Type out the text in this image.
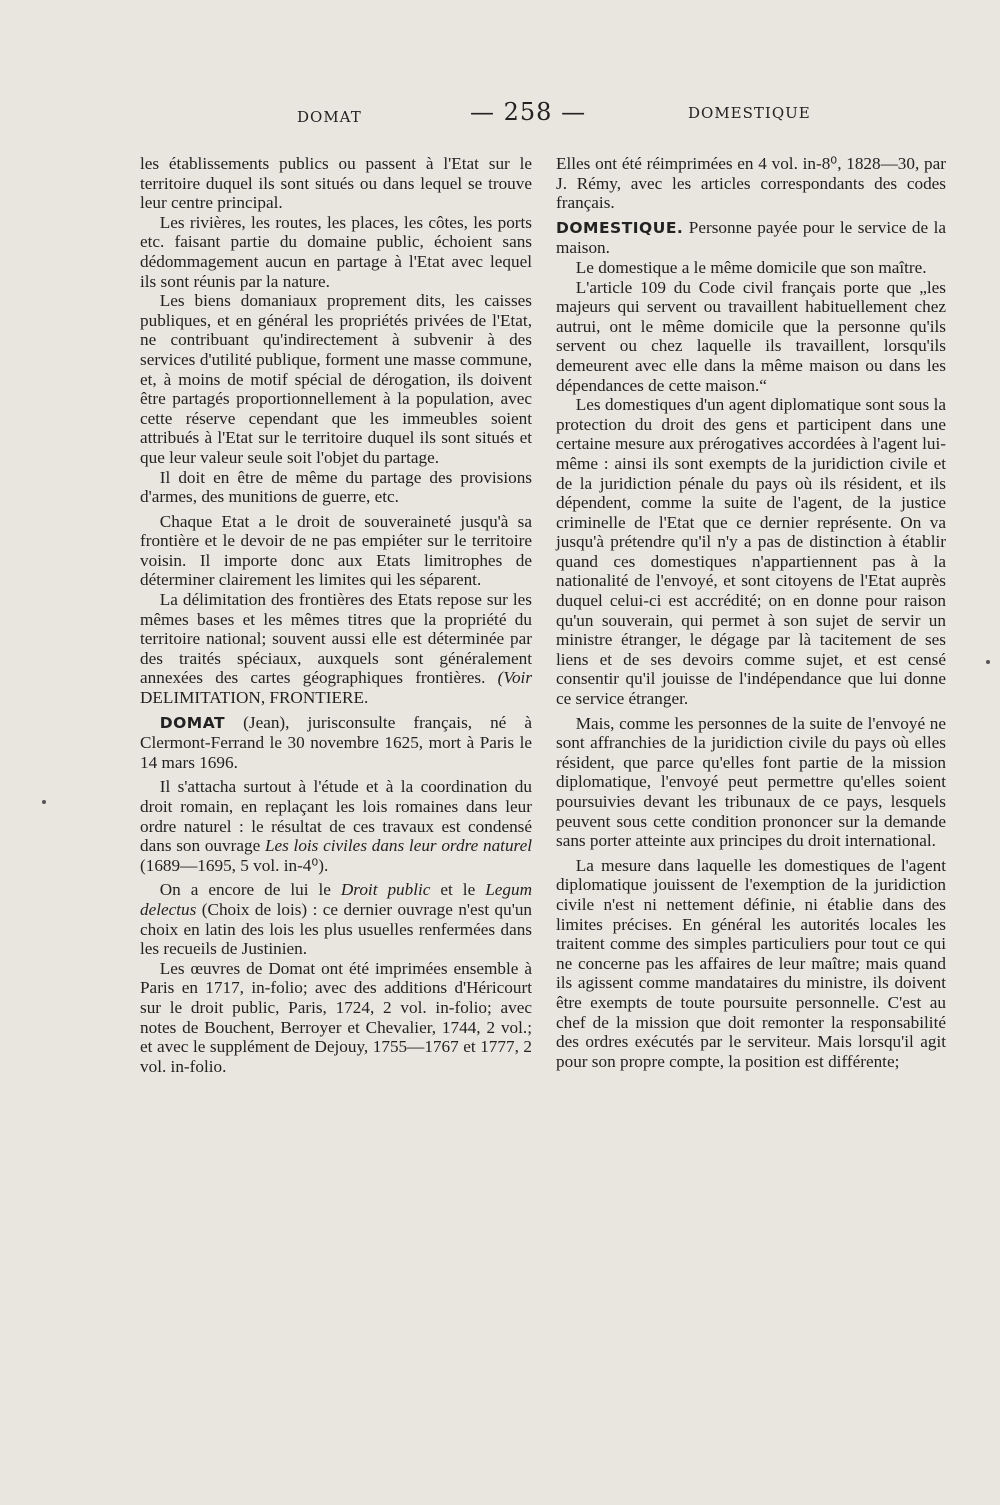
DOMAT	— 258 —	DOMESTIQUE

les établissements publics ou passent à l'Etat sur le territoire duquel ils sont situés ou dans lequel se trouve leur centre principal.

Les rivières, les routes, les places, les côtes, les ports etc. faisant partie du domaine public, échoient sans dédommagement aucun en partage à l'Etat avec lequel ils sont réunis par la nature.

Les biens domaniaux proprement dits, les caisses publiques, et en général les propriétés privées de l'Etat, ne contribuant qu'indirectement à subvenir à des services d'utilité publique, forment une masse commune, et, à moins de motif spécial de dérogation, ils doivent être partagés proportionnellement à la population, avec cette réserve cependant que les immeubles soient attribués à l'Etat sur le territoire duquel ils sont situés et que leur valeur seule soit l'objet du partage.

Il doit en être de même du partage des provisions d'armes, des munitions de guerre, etc.

Chaque Etat a le droit de souveraineté jusqu'à sa frontière et le devoir de ne pas empiéter sur le territoire voisin. Il importe donc aux Etats limitrophes de déterminer clairement les limites qui les séparent.

La délimitation des frontières des Etats repose sur les mêmes bases et les mêmes titres que la propriété du territoire national; souvent aussi elle est déterminée par des traités spéciaux, auxquels sont généralement annexées des cartes géographiques frontières. (Voir DELIMITATION, FRONTIERE.

DOMAT (Jean), jurisconsulte français, né à Clermont-Ferrand le 30 novembre 1625, mort à Paris le 14 mars 1696.

Il s'attacha surtout à l'étude et à la coordination du droit romain, en replaçant les lois romaines dans leur ordre naturel : le résultat de ces travaux est condensé dans son ouvrage Les lois civiles dans leur ordre naturel (1689—1695, 5 vol. in-4⁰).

On a encore de lui le Droit public et le Legum delectus (Choix de lois) : ce dernier ouvrage n'est qu'un choix en latin des lois les plus usuelles renfermées dans les recueils de Justinien.

Les œuvres de Domat ont été imprimées ensemble à Paris en 1717, in-folio; avec des additions d'Héricourt sur le droit public, Paris, 1724, 2 vol. in-folio; avec notes de Bouchent, Berroyer et Chevalier, 1744, 2 vol.; et avec le supplément de Dejouy, 1755—1767 et 1777, 2 vol. in-folio.

Elles ont été réimprimées en 4 vol. in-8⁰, 1828—30, par J. Rémy, avec les articles correspondants des codes français.

DOMESTIQUE. Personne payée pour le service de la maison.

Le domestique a le même domicile que son maître.

L'article 109 du Code civil français porte que „les majeurs qui servent ou travaillent habituellement chez autrui, ont le même domicile que la personne qu'ils servent ou chez laquelle ils travaillent, lorsqu'ils demeurent avec elle dans la même maison ou dans les dépendances de cette maison.“

Les domestiques d'un agent diplomatique sont sous la protection du droit des gens et participent dans une certaine mesure aux prérogatives accordées à l'agent lui-même : ainsi ils sont exempts de la juridiction civile et de la juridiction pénale du pays où ils résident, et ils dépendent, comme la suite de l'agent, de la justice criminelle de l'Etat que ce dernier représente. On va jusqu'à prétendre qu'il n'y a pas de distinction à établir quand ces domestiques n'appartiennent pas à la nationalité de l'envoyé, et sont citoyens de l'Etat auprès duquel celui-ci est accrédité; on en donne pour raison qu'un souverain, qui permet à son sujet de servir un ministre étranger, le dégage par là tacitement de ses liens et de ses devoirs comme sujet, et est censé consentir qu'il jouisse de l'indépendance que lui donne ce service étranger.

Mais, comme les personnes de la suite de l'envoyé ne sont affranchies de la juridiction civile du pays où elles résident, que parce qu'elles font partie de la mission diplomatique, l'envoyé peut permettre qu'elles soient poursuivies devant les tribunaux de ce pays, lesquels peuvent sous cette condition prononcer sur la demande sans porter atteinte aux principes du droit international.

La mesure dans laquelle les domestiques de l'agent diplomatique jouissent de l'exemption de la juridiction civile n'est ni nettement définie, ni établie dans des limites précises. En général les autorités locales les traitent comme des simples particuliers pour tout ce qui ne concerne pas les affaires de leur maître; mais quand ils agissent comme mandataires du ministre, ils doivent être exempts de toute poursuite personnelle. C'est au chef de la mission que doit remonter la responsabilité des ordres exécutés par le serviteur. Mais lorsqu'il agit pour son propre compte, la position est différente;
